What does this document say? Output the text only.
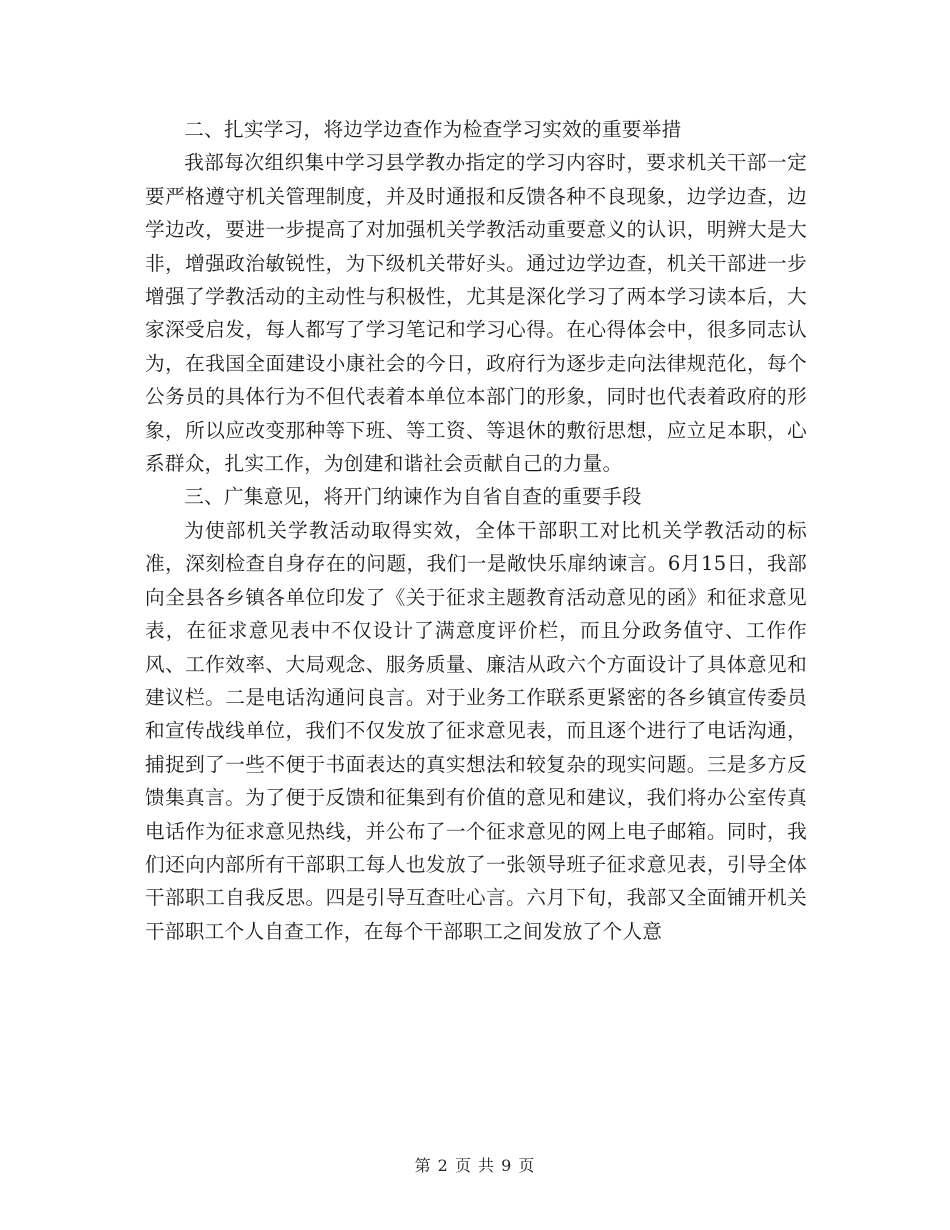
二、扎实学习，将边学边查作为检查学习实效的重要举措

我部每次组织集中学习县学教办指定的学习内容时，要求机关干部一定要严格遵守机关管理制度，并及时通报和反馈各种不良现象，边学边查，边学边改，要进一步提高了对加强机关学教活动重要意义的认识，明辨大是大非，增强政治敏锐性，为下级机关带好头。通过边学边查，机关干部进一步增强了学教活动的主动性与积极性，尤其是深化学习了两本学习读本后，大家深受启发，每人都写了学习笔记和学习心得。在心得体会中，很多同志认为，在我国全面建设小康社会的今日，政府行为逐步走向法律规范化，每个公务员的具体行为不但代表着本单位本部门的形象，同时也代表着政府的形象，所以应改变那种等下班、等工资、等退休的敷衍思想，应立足本职，心系群众，扎实工作，为创建和谐社会贡献自己的力量。

三、广集意见，将开门纳谏作为自省自查的重要手段

为使部机关学教活动取得实效，全体干部职工对比机关学教活动的标准，深刻检查自身存在的问题，我们一是敞快乐扉纳谏言。6月15日，我部向全县各乡镇各单位印发了《关于征求主题教育活动意见的函》和征求意见表，在征求意见表中不仅设计了满意度评价栏，而且分政务值守、工作作风、工作效率、大局观念、服务质量、廉洁从政六个方面设计了具体意见和建议栏。二是电话沟通问良言。对于业务工作联系更紧密的各乡镇宣传委员和宣传战线单位，我们不仅发放了征求意见表，而且逐个进行了电话沟通，捕捉到了一些不便于书面表达的真实想法和较复杂的现实问题。三是多方反馈集真言。为了便于反馈和征集到有价值的意见和建议，我们将办公室传真电话作为征求意见热线，并公布了一个征求意见的网上电子邮箱。同时，我们还向内部所有干部职工每人也发放了一张领导班子征求意见表，引导全体干部职工自我反思。四是引导互查吐心言。六月下旬，我部又全面铺开机关干部职工个人自查工作，在每个干部职工之间发放了个人意

第 2 页 共 9 页
